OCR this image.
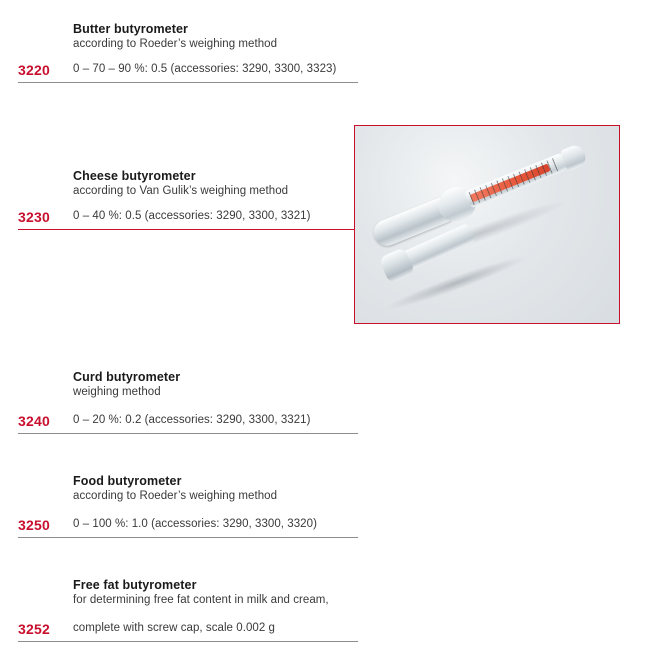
Butter butyrometer
according to Roeder’s weighing method
3220	0 – 70 – 90 %: 0.5 (accessories: 3290, 3300, 3323)
Cheese butyrometer
according to Van Gulik’s weighing method
3230	0 – 40 %: 0.5 (accessories: 3290, 3300, 3321)
Curd butyrometer
weighing method
3240	0 – 20 %: 0.2 (accessories: 3290, 3300, 3321)
Food butyrometer
according to Roeder’s weighing method
3250	0 – 100 %: 1.0 (accessories: 3290, 3300, 3320)
Free fat butyrometer
for determining free fat content in milk and cream,
3252	complete with screw cap, scale 0.002 g
